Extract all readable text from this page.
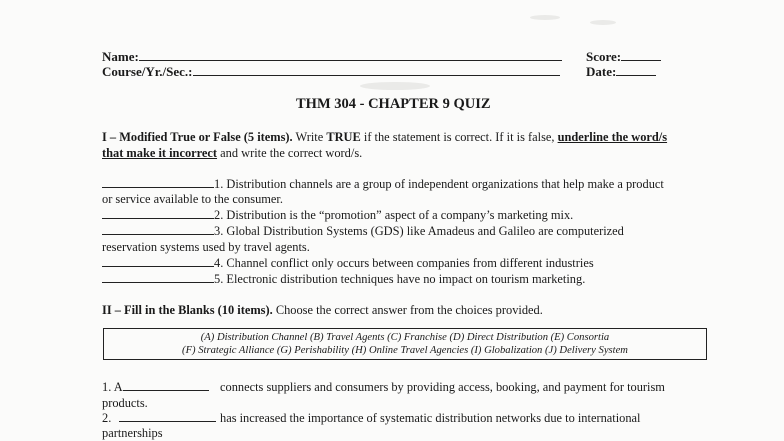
Name:
Course/Yr./Sec.:
Score:
Date:
THM 304 - CHAPTER 9 QUIZ
I – Modified True or False (5 items). Write TRUE if the statement is correct. If it is false, underline the word/s
that make it incorrect and write the correct word/s.
1. Distribution channels are a group of independent organizations that help make a product
or service available to the consumer.
2. Distribution is the “promotion” aspect of a company’s marketing mix.
3. Global Distribution Systems (GDS) like Amadeus and Galileo are computerized
reservation systems used by travel agents.
4. Channel conflict only occurs between companies from different industries
5. Electronic distribution techniques have no impact on tourism marketing.
II – Fill in the Blanks (10 items). Choose the correct answer from the choices provided.
(A) Distribution Channel (B) Travel Agents (C) Franchise (D) Direct Distribution (E) Consortia
(F) Strategic Alliance (G) Perishability (H) Online Travel Agencies (I) Globalization (J) Delivery System
1. A	connects suppliers and consumers by providing access, booking, and payment for tourism
products.
2.	has increased the importance of systematic distribution networks due to international
partnerships
